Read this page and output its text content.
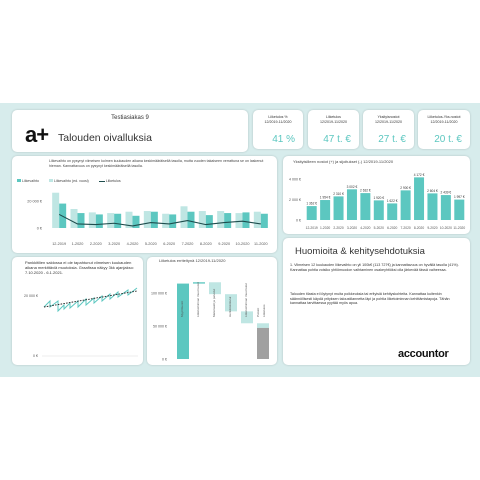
Testiasiakas 9
a+ Talouden oivalluksia
Liiketulos %
12/2019-11/2020
41 %
Liiketulos
12/2019-11/2020
47 t. €
Yksityisnostot
12/2019-11/2020
27 t. €
Liiketulos-Yks.nostot
12/2019-11/2020
20 t. €
Liikevaihto on pysynyt viimeisen kolmen kuukauden aikana keskimääräisellä tasolla, mutta vuoden takaiseen verrattuna se on laskenut hieman. Kannattavuus on pysynyt keskimääräisellä tasolla.
Liikevaihto	Liikevaihto (ed. vuosi)	Liiketulos
20 000 €
0 €
12-2019 1-2020 2-2020 3-2020 4-2020 5-2020 6-2020 7-2020 8-2020 9-2020 10-2020 11-2020
Yksityisilleen nostot (+) ja sijoitukset (-) 12/2019-11/2020
4 000 €
2 000 €
0 €
1 362 €
12-2019
1 954 €
1-2020
2 310 €
2-2020
3 002 €
3-2020
2 632 €
4-2020
1 920 €
5-2020
1 622 €
6-2020
2 900 €
7-2020
4 172 €
8-2020
2 604 €
9-2020
2 439 €
10-2020
1 997 €
11-2020
Pankkitilien saldossa ei ole tapahtunut viimeisen kuukauden aikana merkittäviä muutoksia. Graafissa näkyy 3kk ajanjakso: 7.10.2020 - 6.1.2021.
20 000 €
0 €
Liiketulos erriteltynä 12/2019-11/2020
100 000 €
50 000 €
0 €
Myyntituotot	Liiketoiminnan muut tuotot	Materiaalit ja palvelut	Henkilöstökulut	Liiketoiminnan muut kulut	Poistot Liiketulos
Huomioita & kehitysehdotuksia
1. Viimeisen 12 kuukauden liikevaihto on yli 100k€ (113 727€) ja kannattavuus on hyvällä tasolla (41%). Kannattaa pohtia voisiko yhtiömuodon vaihtaminen osakeyhtiöksi olla järkevää tässä vaiheessa.
Talouden tilasta ei löytynyt muita poikkeuksia tai erityisiä kehityskohteita. Kannattaa kuitenkin säännöllisesti käydä yrityksen taloustilannetta läpi ja pohtia liiketoiminnan kehittämistapoja. Tähän kannattaa tarvittaessa pyytää myös apua.
accountor
